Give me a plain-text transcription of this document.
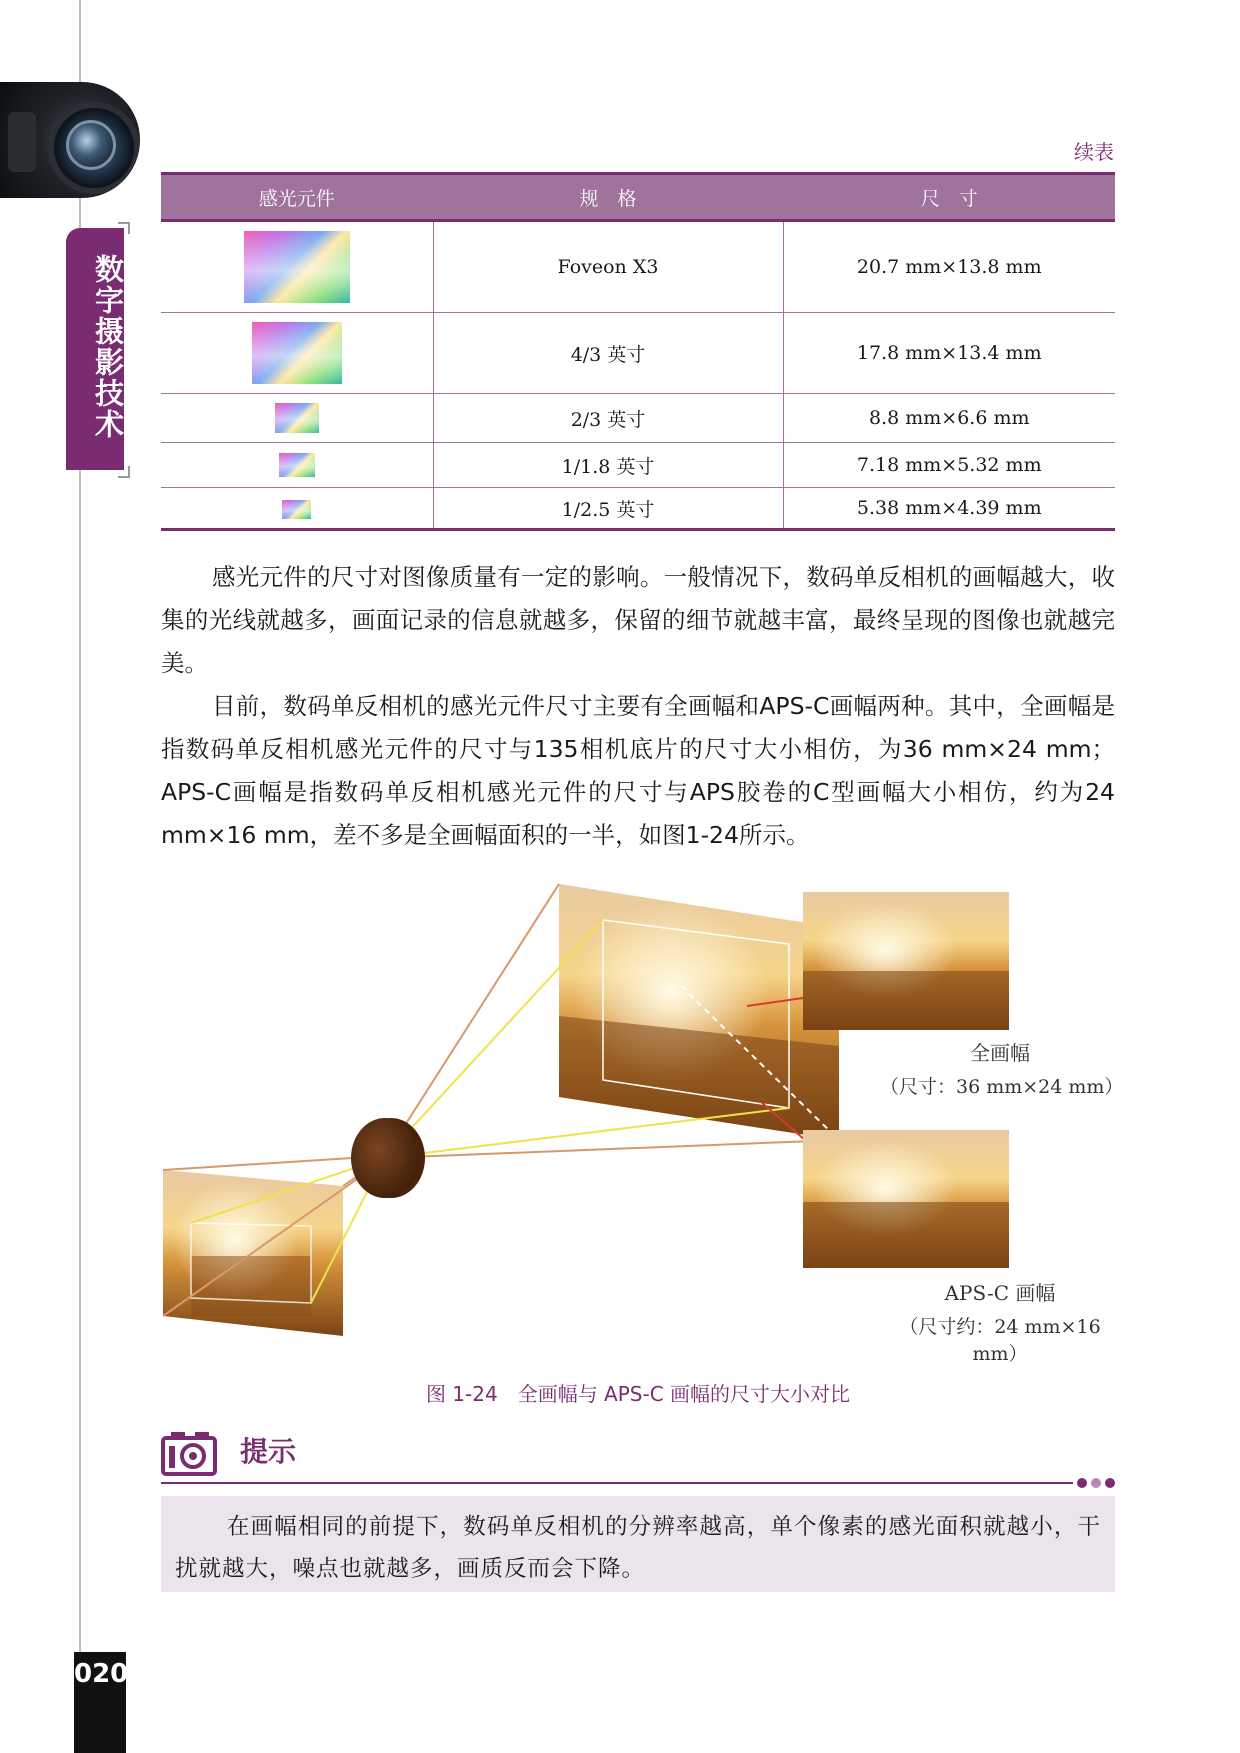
数字摄影技术
续表
感光元件	规　格	尺　寸
	Foveon X3	20.7 mm×13.8 mm
	4/3 英寸	17.8 mm×13.4 mm
	2/3 英寸	8.8 mm×6.6 mm
	1/1.8 英寸	7.18 mm×5.32 mm
	1/2.5 英寸	5.38 mm×4.39 mm

感光元件的尺寸对图像质量有一定的影响。一般情况下，数码单反相机的画幅越大，收集的光线就越多，画面记录的信息就越多，保留的细节就越丰富，最终呈现的图像也就越完美。

目前，数码单反相机的感光元件尺寸主要有全画幅和APS-C画幅两种。其中，全画幅是指数码单反相机感光元件的尺寸与135相机底片的尺寸大小相仿，为36 mm×24 mm；APS-C画幅是指数码单反相机感光元件的尺寸与APS胶卷的C型画幅大小相仿，约为24 mm×16 mm，差不多是全画幅面积的一半，如图1-24所示。

全画幅
（尺寸：36 mm×24 mm）
APS-C 画幅
（尺寸约：24 mm×16 mm）
图 1-24　全画幅与 APS-C 画幅的尺寸大小对比
提示

在画幅相同的前提下，数码单反相机的分辨率越高，单个像素的感光面积就越小，干扰就越大，噪点也就越多，画质反而会下降。

020
